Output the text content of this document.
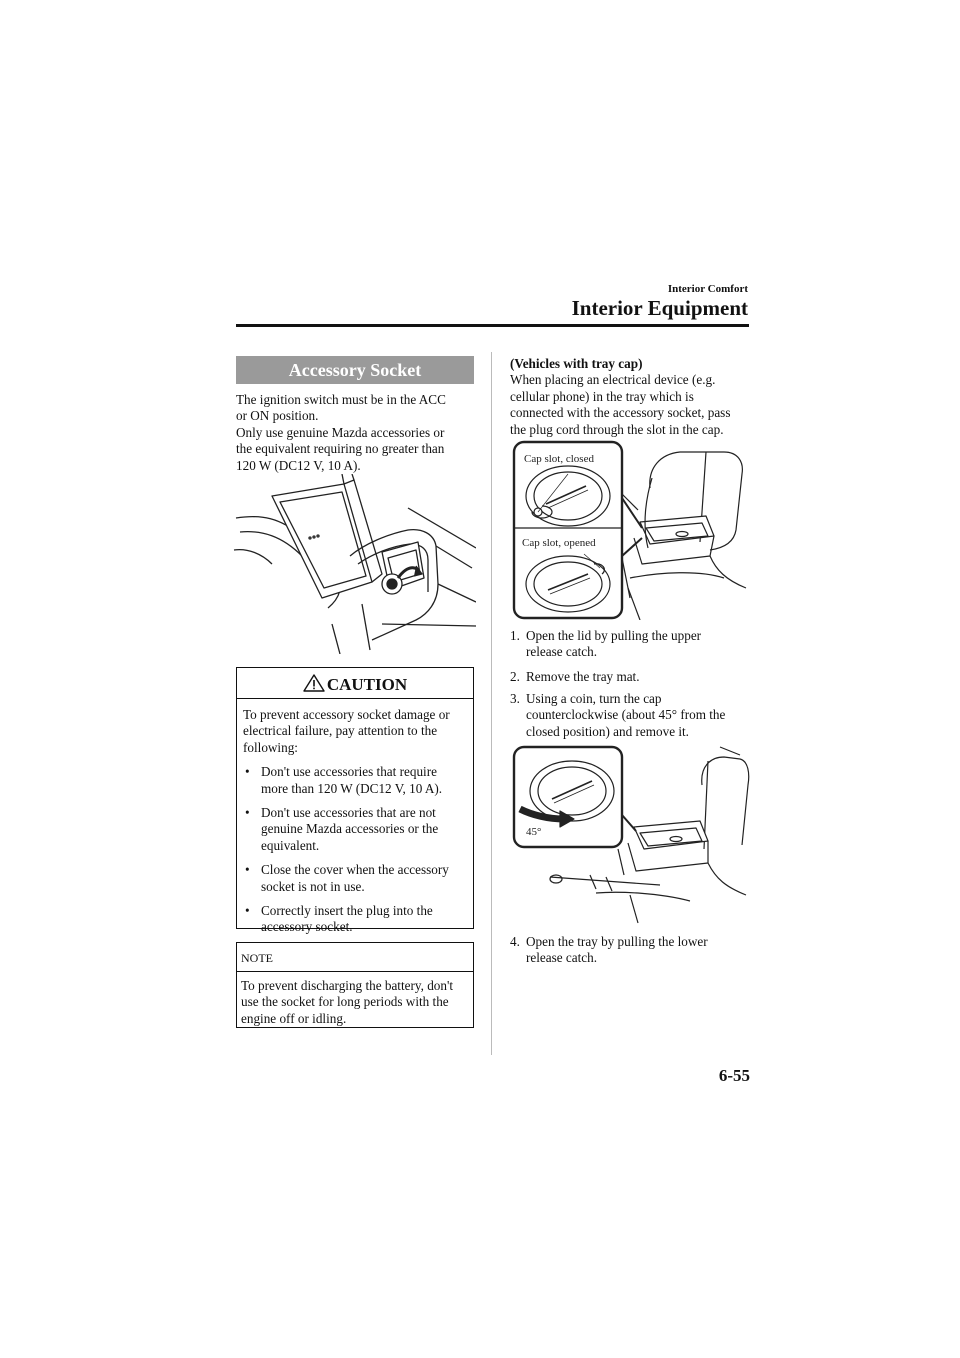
Interior Comfort
Interior Equipment
Accessory Socket

The ignition switch must be in the ACC

or ON position.

Only use genuine Mazda accessories or

the equivalent requiring no greater than

120 W (DC12 V, 10 A).

CAUTION

To prevent accessory socket damage or

electrical failure, pay attention to the

following:

• Don't use accessories that require

more than 120 W (DC12 V, 10 A).

• Don't use accessories that are not

genuine Mazda accessories or the

equivalent.

• Close the cover when the accessory

socket is not in use.

• Correctly insert the plug into the

accessory socket.

NOTE

To prevent discharging the battery, don't

use the socket for long periods with the

engine off or idling.

(Vehicles with tray cap)

When placing an electrical device (e.g.

cellular phone) in the tray which is

connected with the accessory socket, pass

the plug cord through the slot in the cap.

Cap slot, closed
Cap slot, opened
1. Open the lid by pulling the upper

release catch.

2. Remove the tray mat.

3. Using a coin, turn the cap

counterclockwise (about 45° from the

closed position) and remove it.

45°
4. Open the tray by pulling the lower

release catch.

6-55
